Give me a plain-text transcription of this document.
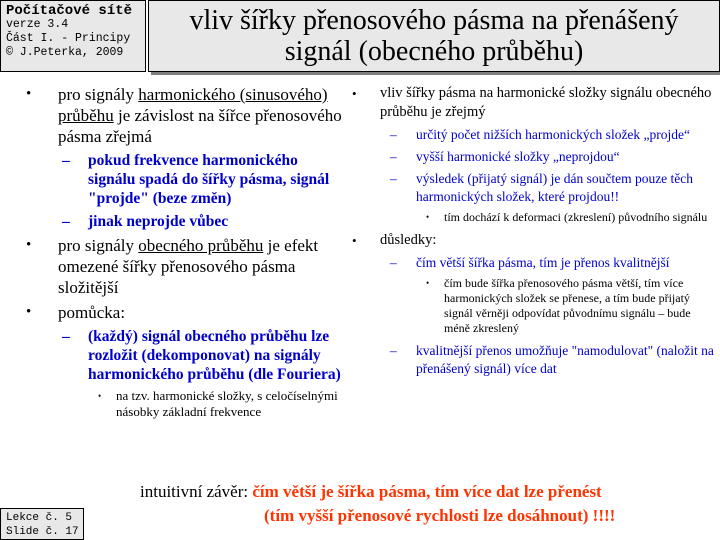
Počítačové sítě
verze 3.4
Část I. - Principy
© J.Peterka, 2009
vliv šířky přenosového pásma na přenášený signál (obecného průběhu)
• pro signály harmonického (sinusového) průběhu je závislost na šířce přenosového pásma zřejmá
– pokud frekvence harmonického signálu spadá do šířky pásma, signál "projde" (beze změn)
– jinak neprojde vůbec
• pro signály obecného průběhu je efekt omezené šířky přenosového pásma složitější
• pomůcka:
– (každý) signál obecného průběhu lze rozložit (dekomponovat) na signály harmonického průběhu (dle Fouriera)
• na tzv. harmonické složky, s celočíselnými násobky základní frekvence
• vliv šířky pásma na harmonické složky signálu obecného průběhu je zřejmý
– určitý počet nižších harmonických složek „projde“
– vyšší harmonické složky „neprojdou“
– výsledek (přijatý signál) je dán součtem pouze těch harmonických složek, které projdou!!
• tím dochází k deformaci (zkreslení) původního signálu
• důsledky:
– čím větší šířka pásma, tím je přenos kvalitnější
• čím bude šířka přenosového pásma větší, tím více harmonických složek se přenese, a tím bude přijatý signál věrněji odpovídat původnímu signálu – bude méně zkreslený
– kvalitnější přenos umožňuje "namodulovat" (naložit na přenášený signál) více dat
intuitivní závěr: čím větší je šířka pásma, tím více dat lze přenést
(tím vyšší přenosové rychlosti lze dosáhnout) !!!!
Lekce č. 5
Slide č. 17
